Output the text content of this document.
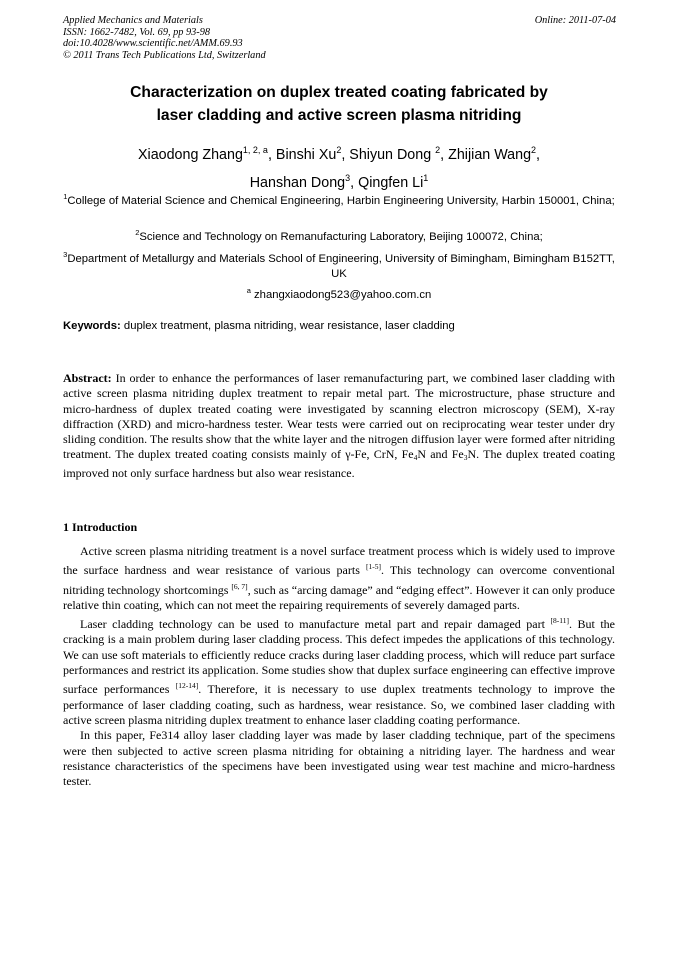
Applied Mechanics and Materials
ISSN: 1662-7482, Vol. 69, pp 93-98
doi:10.4028/www.scientific.net/AMM.69.93
© 2011 Trans Tech Publications Ltd, Switzerland
Online: 2011-07-04
Characterization on duplex treated coating fabricated by
laser cladding and active screen plasma nitriding
Xiaodong Zhang$^{1, 2, a}$, Binshi Xu$^2$, Shiyun Dong $^2$, Zhijian Wang$^2$,
Hanshan Dong$^3$, Qingfen Li$^1$
$^1$College of Material Science and Chemical Engineering, Harbin Engineering University, Harbin 150001, China;
$^2$Science and Technology on Remanufacturing Laboratory, Beijing 100072, China;
$^3$Department of Metallurgy and Materials School of Engineering, University of Bimingham, Bimingham B152TT, UK
$^a$ zhangxiaodong523@yahoo.com.cn
Keywords: duplex treatment, plasma nitriding, wear resistance, laser cladding
Abstract: In order to enhance the performances of laser remanufacturing part, we combined laser cladding with active screen plasma nitriding duplex treatment to repair metal part. The microstructure, phase structure and micro-hardness of duplex treated coating were investigated by scanning electron microscopy (SEM), X-ray diffraction (XRD) and micro-hardness tester. Wear tests were carried out on reciprocating wear tester under dry sliding condition. The results show that the white layer and the nitrogen diffusion layer were formed after nitriding treatment. The duplex treated coating consists mainly of γ-Fe, CrN, $Fe_4N$ and $Fe_3N$. The duplex treated coating improved not only surface hardness but also wear resistance.
1 Introduction

Active screen plasma nitriding treatment is a novel surface treatment process which is widely used to improve the surface hardness and wear resistance of various parts [1-5]. This technology can overcome conventional nitriding technology shortcomings [6, 7], such as “arcing damage” and “edging effect”. However it can only produce relative thin coating, which can not meet the repairing requirements of severely damaged parts.

Laser cladding technology can be used to manufacture metal part and repair damaged part [8-11]. But the cracking is a main problem during laser cladding process. This defect impedes the applications of this technology. We can use soft materials to efficiently reduce cracks during laser cladding process, which will reduce part surface performances and restrict its application. Some studies show that duplex surface engineering can effective improve surface performances [12-14]. Therefore, it is necessary to use duplex treatments technology to improve the performance of laser cladding coating, such as hardness, wear resistance. So, we combined laser cladding with active screen plasma nitriding duplex treatment to enhance laser cladding coating performance.

In this paper, Fe314 alloy laser cladding layer was made by laser cladding technique, part of the specimens were then subjected to active screen plasma nitriding for obtaining a nitriding layer. The hardness and wear resistance characteristics of the specimens have been investigated using wear test machine and micro-hardness tester.
